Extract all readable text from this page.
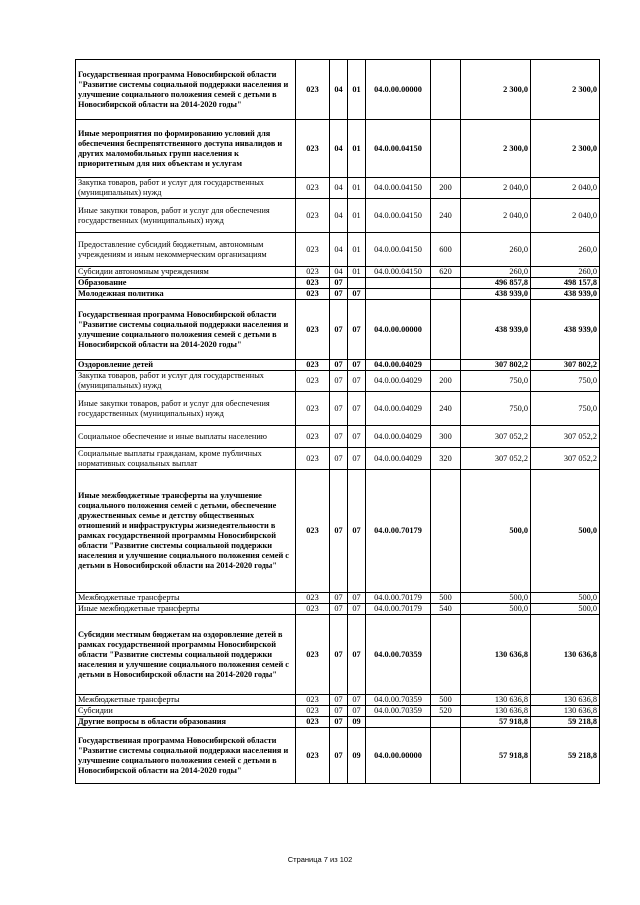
Государственная программа Новосибирской области "Развитие системы социальной поддержки населения и улучшение социального положения семей с детьми в Новосибирской области на 2014-2020 годы"	023	04	01	04.0.00.00000		2 300,0	2 300,0
Иные мероприятия по формированию условий для обеспечения беспрепятственного доступа инвалидов и других маломобильных групп населения к приоритетным для них объектам и услугам	023	04	01	04.0.00.04150		2 300,0	2 300,0
Закупка товаров, работ и услуг для государственных (муниципальных) нужд	023	04	01	04.0.00.04150	200	2 040,0	2 040,0
Иные закупки товаров, работ и услуг для обеспечения государственных (муниципальных) нужд	023	04	01	04.0.00.04150	240	2 040,0	2 040,0
Предоставление субсидий бюджетным, автономным учреждениям и иным некоммерческим организациям	023	04	01	04.0.00.04150	600	260,0	260,0
Субсидии автономным учреждениям	023	04	01	04.0.00.04150	620	260,0	260,0
Образование	023	07				496 857,8	498 157,8
Молодежная политика	023	07	07			438 939,0	438 939,0
Государственная программа Новосибирской области "Развитие системы социальной поддержки населения и улучшение социального положения семей с детьми в Новосибирской области на 2014-2020 годы"	023	07	07	04.0.00.00000		438 939,0	438 939,0
Оздоровление детей	023	07	07	04.0.00.04029		307 802,2	307 802,2
Закупка товаров, работ и услуг для государственных (муниципальных) нужд	023	07	07	04.0.00.04029	200	750,0	750,0
Иные закупки товаров, работ и услуг для обеспечения государственных (муниципальных) нужд	023	07	07	04.0.00.04029	240	750,0	750,0
Социальное обеспечение и иные выплаты населению	023	07	07	04.0.00.04029	300	307 052,2	307 052,2
Социальные выплаты гражданам, кроме публичных нормативных социальных выплат	023	07	07	04.0.00.04029	320	307 052,2	307 052,2
Иные межбюджетные трансферты на улучшение социального положения семей с детьми, обеспечение дружественных семье и детству общественных отношений и инфраструктуры жизнедеятельности в рамках государственной программы Новосибирской области "Развитие системы социальной поддержки населения и улучшение социального положения семей с детьми в Новосибирской области на 2014-2020 годы"	023	07	07	04.0.00.70179		500,0	500,0
Межбюджетные трансферты	023	07	07	04.0.00.70179	500	500,0	500,0
Иные межбюджетные трансферты	023	07	07	04.0.00.70179	540	500,0	500,0
Субсидии местным бюджетам на оздоровление детей в рамках государственной программы Новосибирской области "Развитие системы социальной поддержки населения и улучшение социального положения семей с детьми в Новосибирской области на 2014-2020 годы"	023	07	07	04.0.00.70359		130 636,8	130 636,8
Межбюджетные трансферты	023	07	07	04.0.00.70359	500	130 636,8	130 636,8
Субсидии	023	07	07	04.0.00.70359	520	130 636,8	130 636,8
Другие вопросы в области образования	023	07	09			57 918,8	59 218,8
Государственная программа Новосибирской области "Развитие системы социальной поддержки населения и улучшение социального положения семей с детьми в Новосибирской области на 2014-2020 годы"	023	07	09	04.0.00.00000		57 918,8	59 218,8
Страница 7 из 102
